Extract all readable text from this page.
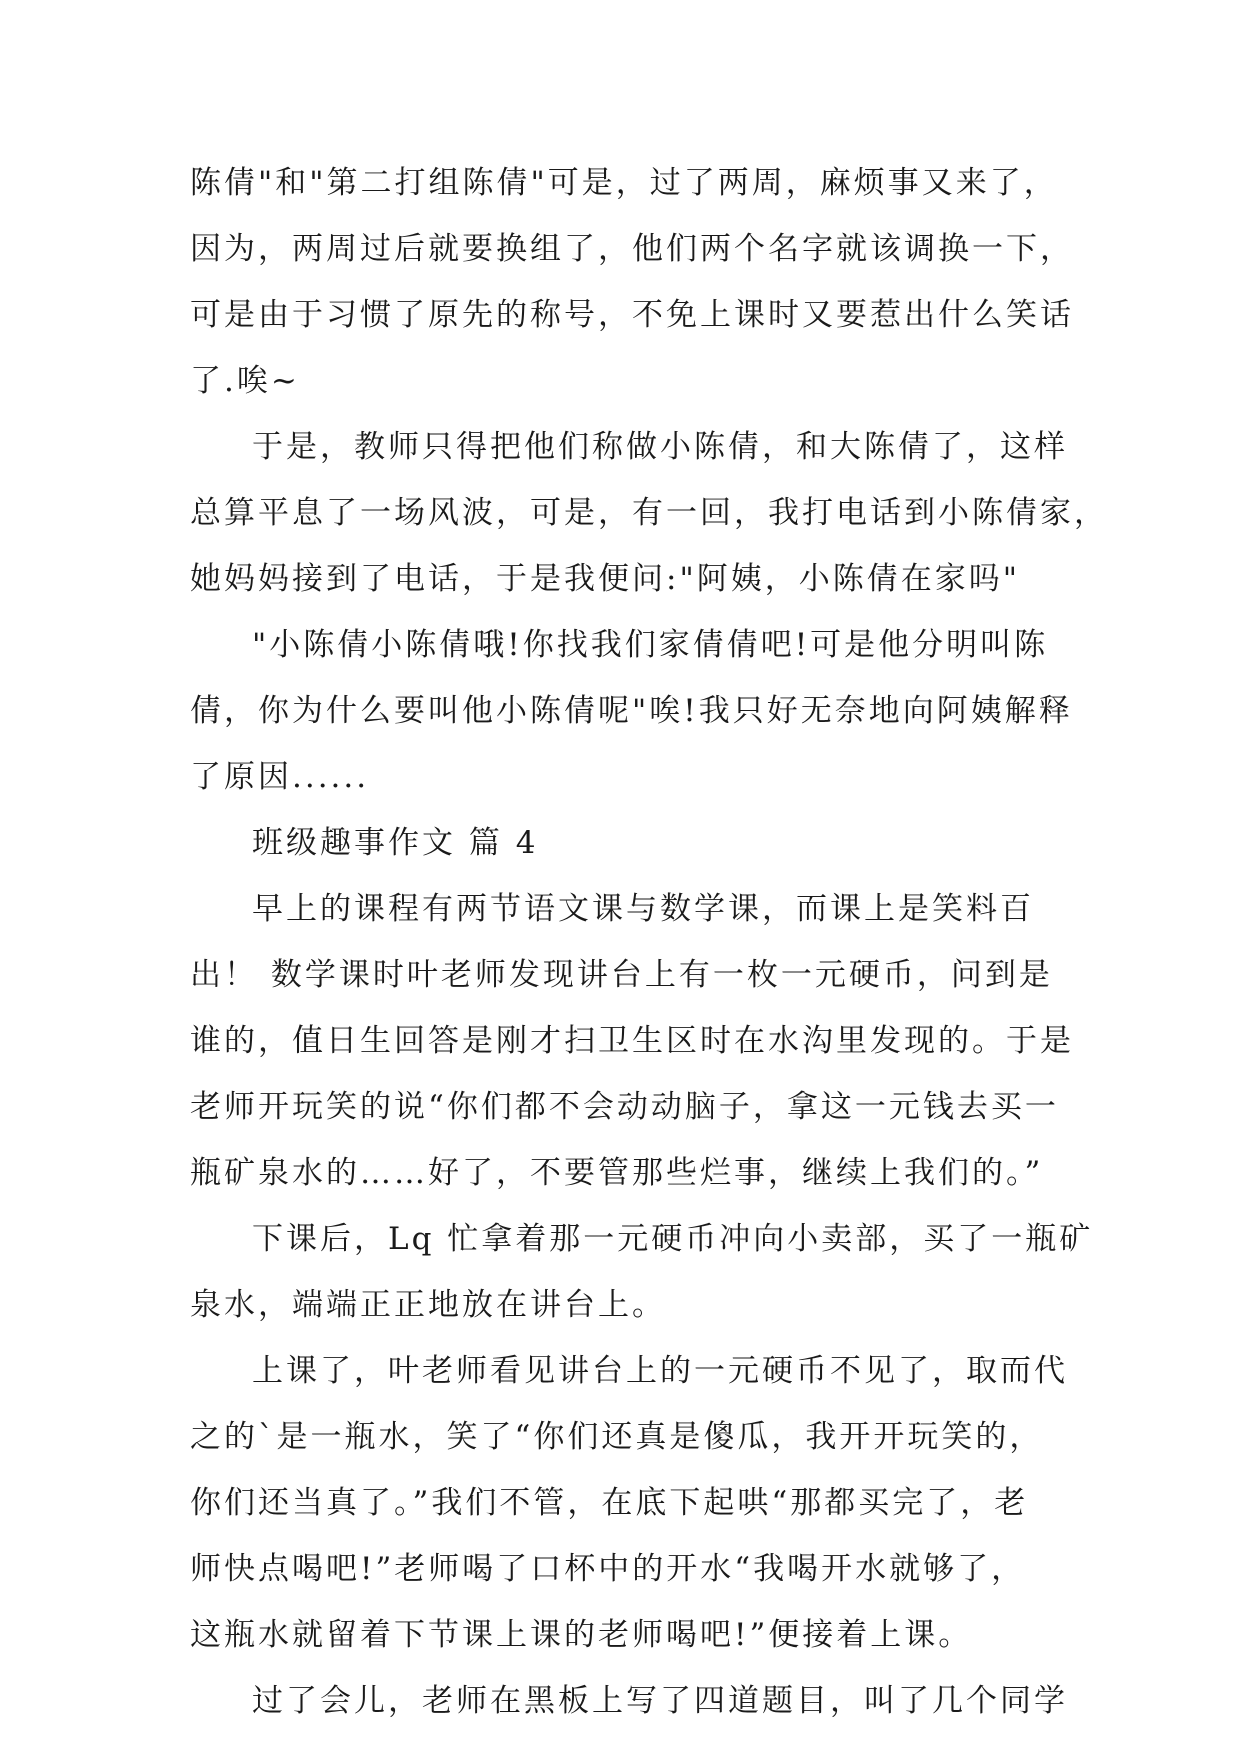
陈倩"和"第二打组陈倩"可是，过了两周，麻烦事又来了，
因为，两周过后就要换组了，他们两个名字就该调换一下，
可是由于习惯了原先的称号，不免上课时又要惹出什么笑话
了.唉~
于是，教师只得把他们称做小陈倩，和大陈倩了，这样
总算平息了一场风波，可是，有一回，我打电话到小陈倩家，
她妈妈接到了电话，于是我便问:"阿姨，小陈倩在家吗"
"小陈倩小陈倩哦!你找我们家倩倩吧!可是他分明叫陈
倩，你为什么要叫他小陈倩呢"唉!我只好无奈地向阿姨解释
了原因......
班级趣事作文 篇 4
早上的课程有两节语文课与数学课，而课上是笑料百
出！ 数学课时叶老师发现讲台上有一枚一元硬币，问到是
谁的，值日生回答是刚才扫卫生区时在水沟里发现的。于是
老师开玩笑的说“你们都不会动动脑子，拿这一元钱去买一
瓶矿泉水的……好了，不要管那些烂事，继续上我们的。”
下课后，Lq 忙拿着那一元硬币冲向小卖部，买了一瓶矿
泉水，端端正正地放在讲台上。
上课了，叶老师看见讲台上的一元硬币不见了，取而代
之的`是一瓶水，笑了“你们还真是傻瓜，我开开玩笑的，
你们还当真了。”我们不管，在底下起哄“那都买完了，老
师快点喝吧!”老师喝了口杯中的开水“我喝开水就够了，
这瓶水就留着下节课上课的老师喝吧!”便接着上课。
过了会儿，老师在黑板上写了四道题目，叫了几个同学
